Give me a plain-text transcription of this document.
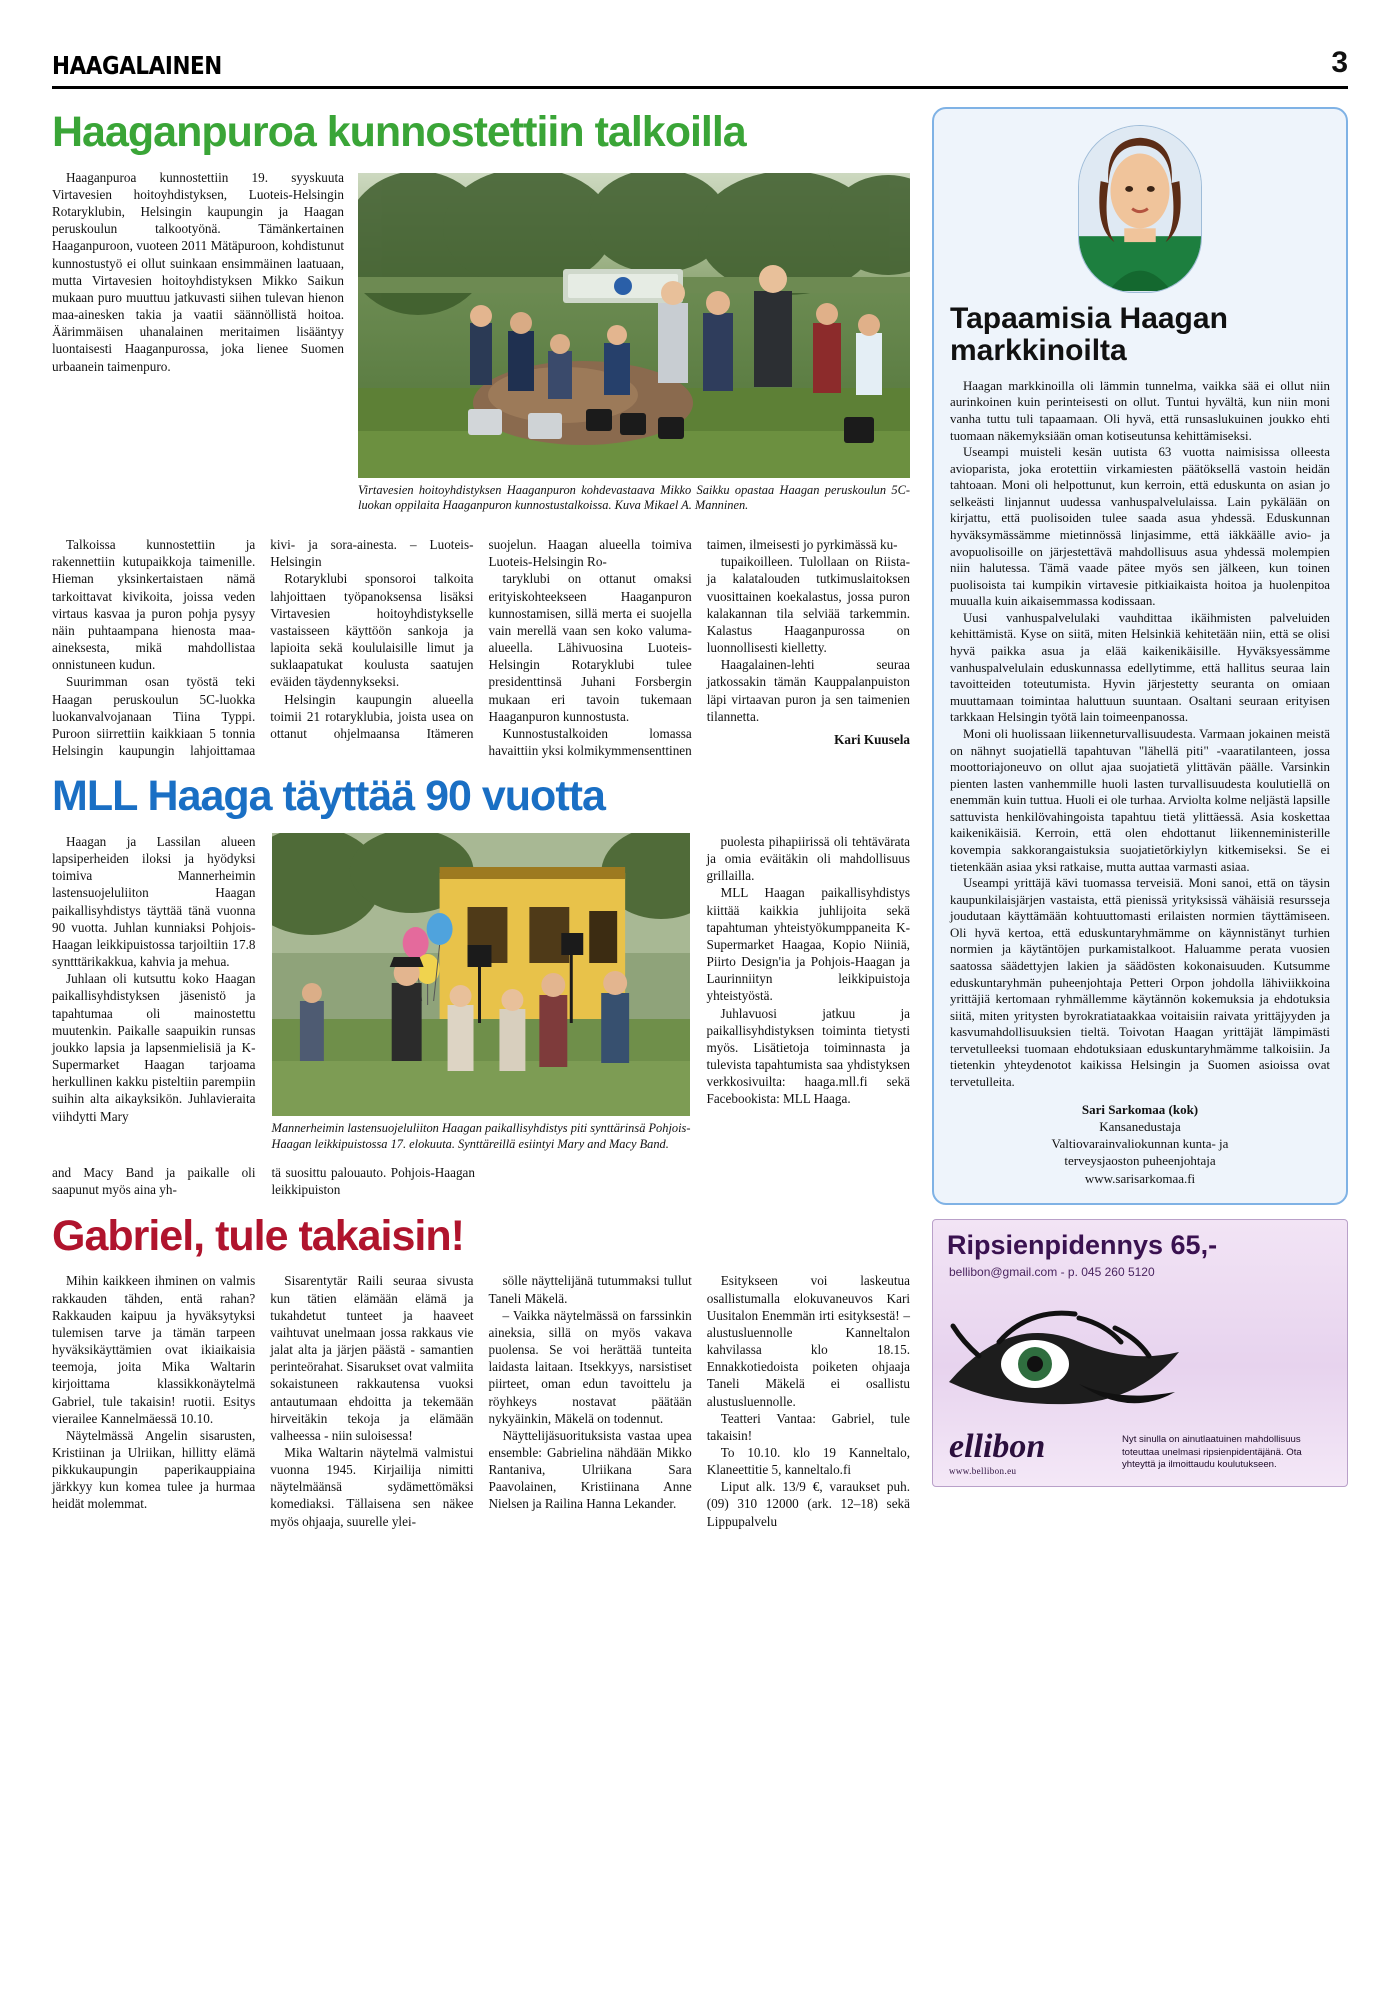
HAAGALAINEN	3
Haaganpuroa kunnostettiin talkoilla
Virtavesien hoitoyhdistyksen Haaganpuron kohdevastaava Mikko Saikku opastaa Haagan peruskoulun 5C-luokan oppilaita Haaganpuron kunnostustalkoissa. Kuva Mikael A. Manninen.

Haaganpuroa kunnostettiin 19. syyskuuta Virtavesien hoitoyhdistyksen, Luoteis-Helsingin Rotaryklubin, Helsingin kaupungin ja Haagan peruskoulun talkootyönä. Tämänkertainen Haaganpuroon, vuoteen 2011 Mätäpuroon, kohdistunut kunnostustyö ei ollut suinkaan ensimmäinen laatuaan, mutta Virtavesien hoitoyhdistyksen Mikko Saikun mukaan puro muuttuu jatkuvasti siihen tulevan hienon maa-ainesken takia ja vaatii säännöllistä hoitoa. Äärimmäisen uhanalainen meritaimen lisääntyy luontaisesti Haaganpurossa, joka lienee Suomen urbaanein taimenpuro.

Talkoissa kunnostettiin ja rakennettiin kutupaikkoja taimenille. Hieman yksinkertaistaen nämä tarkoittavat kivikoita, joissa veden virtaus kasvaa ja puron pohja pysyy näin puhtaampana hienosta maa-aineksesta, mikä mahdollistaa onnistuneen kudun.

Suurimman osan työstä teki Haagan peruskoulun 5C-luokka luokanvalvojanaan Tiina Typpi. Puroon siirrettiin kaikkiaan 5 tonnia Helsingin kaupungin lahjoittamaa kivi- ja sora-ainesta. – Luoteis-Helsingin

Rotaryklubi sponsoroi talkoita lahjoittaen työpanoksensa lisäksi Virtavesien hoitoyhdistykselle vastaisseen käyttöön sankoja ja lapioita sekä koululaisille limut ja suklaapatukat koulusta saatujen eväiden täydennykseksi.

Helsingin kaupungin alueella toimii 21 rotaryklubia, joista usea on ottanut ohjelmaansa Itämeren suojelun. Haagan alueella toimiva Luoteis-Helsingin Ro-

taryklubi on ottanut omaksi erityiskohteekseen Haaganpuron kunnostamisen, sillä merta ei suojella vain merellä vaan sen koko valuma-alueella. Lähivuosina Luoteis-Helsingin Rotaryklubi tulee presidenttinsä Juhani Forsbergin mukaan eri tavoin tukemaan Haaganpuron kunnostusta.

Kunnostustalkoiden lomassa havaittiin yksi kolmikymmensenttinen taimen, ilmeisesti jo pyrkimässä ku-

tupaikoilleen. Tulollaan on Riista- ja kalatalouden tutkimuslaitoksen vuosittainen koekalastus, jossa puron kalakannan tila selviää tarkemmin. Kalastus Haaganpurossa on luonnollisesti kielletty.

Haagalainen-lehti seuraa jatkossakin tämän Kauppalanpuiston läpi virtaavan puron ja sen taimenien tilannetta.

Kari Kuusela

MLL Haaga täyttää 90 vuotta

Haagan ja Lassilan alueen lapsiperheiden iloksi ja hyödyksi toimiva Mannerheimin lastensuojeluliiton Haagan paikallisyhdistys täyttää tänä vuonna 90 vuotta. Juhlan kunniaksi Pohjois-Haagan leikkipuistossa tarjoiltiin 17.8 syntttärikakkua, kahvia ja mehua.

Juhlaan oli kutsuttu koko Haagan paikallisyhdistyksen jäsenistö ja tapahtumaa oli mainostettu muutenkin. Paikalle saapuikin runsas joukko lapsia ja lapsenmielisiä ja K-Supermarket Haagan tarjoama herkullinen kakku pisteltiin parempiin suihin alta aikayksikön. Juhlavieraita viihdytti Mary

Mannerheimin lastensuojeluliiton Haagan paikallisyhdistys piti synttärinsä Pohjois-Haagan leikkipuistossa 17. elokuuta. Synttäreillä esiintyi Mary and Macy Band.

puolesta pihapiirissä oli tehtävärata ja omia eväitäkin oli mahdollisuus grillailla.

MLL Haagan paikallisyhdistys kiittää kaikkia juhlijoita sekä tapahtuman yhteistyökumppaneita K-Supermarket Haagaa, Kopio Niiniä, Piirto Design'ia ja Pohjois-Haagan ja Laurinniityn leikkipuistoja yhteistyöstä.

Juhlavuosi jatkuu ja paikallisyhdistyksen toiminta tietysti myös. Lisätietoja toiminnasta ja tulevista tapahtumista saa yhdistyksen verkkosivuilta: haaga.mll.fi sekä Facebookista: MLL Haaga.

and Macy Band ja paikalle oli saapunut myös aina yh-

tä suosittu palouauto. Pohjois-Haagan leikkipuiston

Gabriel, tule takaisin!

Mihin kaikkeen ihminen on valmis rakkauden tähden, entä rahan? Rakkauden kaipuu ja hyväksytyksi tulemisen tarve ja tämän tarpeen hyväksikäyttämien ovat ikiaikaisia teemoja, joita Mika Waltarin kirjoittama klassikkonäytelmä Gabriel, tule takaisin! ruotii. Esitys vierailee Kannelmäessä 10.10.

Näytelmässä Angelin sisarusten, Kristiinan ja Ulriikan, hillitty elämä pikkukaupungin paperikauppiaina järkkyy kun komea tulee ja hurmaa heidät molemmat.

Sisarentytär Raili seuraa sivusta kun tätien elämään elämä ja tukahdetut tunteet ja haaveet vaihtuvat unelmaan jossa rakkaus vie jalat alta ja järjen päästä - samantien perinteörahat. Sisarukset ovat valmiita sokaistuneen rakkautensa vuoksi antautumaan ehdoitta ja tekemään hirveitäkin tekoja ja elämään valheessa - niin suloisessa!

Mika Waltarin näytelmä valmistui vuonna 1945. Kirjailija nimitti näytelmäänsä sydämettömäksi komediaksi. Tällaisena sen näkee myös ohjaaja, suurelle ylei-

sölle näyttelijänä tutummaksi tullut Taneli Mäkelä.

– Vaikka näytelmässä on farssinkin aineksia, sillä on myös vakava puolensa. Se voi herättää tunteita laidasta laitaan. Itsekkyys, narsistiset piirteet, oman edun tavoittelu ja röyhkeys nostavat päätään nykyäinkin, Mäkelä on todennut.

Näyttelijäsuorituksista vastaa upea ensemble: Gabrielina nähdään Mikko Rantaniva, Ulriikana Sara Paavolainen, Kristiinana Anne Nielsen ja Railina Hanna Lekander.

Esitykseen voi laskeutua osallistumalla elokuvaneuvos Kari Uusitalon Enemmän irti esityksestä! – alustusluennolle Kanneltalon kahvilassa klo 18.15. Ennakkotiedoista poiketen ohjaaja Taneli Mäkelä ei osallistu alustusluennolle.

Teatteri Vantaa: Gabriel, tule takaisin!

To 10.10. klo 19 Kanneltalo, Klaneettitie 5, kanneltalo.fi

Liput alk. 13/9 €, varaukset puh. (09) 310 12000 (ark. 12–18) sekä Lippupalvelu

Tapaamisia Haagan markkinoilta

Haagan markkinoilla oli lämmin tunnelma, vaikka sää ei ollut niin aurinkoinen kuin perinteisesti on ollut. Tuntui hyvältä, kun niin moni vanha tuttu tuli tapaamaan. Oli hyvä, että runsaslukuinen joukko ehti tuomaan näkemyksiään oman kotiseutunsa kehittämiseksi.

Useampi muisteli kesän uutista 63 vuotta naimisissa olleesta avioparista, joka erotettiin virkamiesten päätöksellä vastoin heidän tahtoaan. Moni oli helpottunut, kun kerroin, että eduskunta on asian jo selkeästi linjannut uudessa vanhuspalvelulaissa. Lain pykälään on kirjattu, että puolisoiden tulee saada asua yhdessä. Eduskunnan hyväksymässämme mietinnössä linjasimme, että iäkkäälle avio- ja avopuolisoille on järjestettävä mahdollisuus asua yhdessä molempien niin halutessa. Tämä vaade pätee myös sen jälkeen, kun toinen puolisoista tai kumpikin virtavesie pitkiaikaista hoitoa ja huolenpitoa muualla kuin aikaisemmassa kodissaan.

Uusi vanhuspalvelulaki vauhdittaa ikäihmisten palveluiden kehittämistä. Kyse on siitä, miten Helsinkiä kehitetään niin, että se olisi hyvä paikka asua ja elää kaikenikäisille. Hyväksyessämme vanhuspalvelulain eduskunnassa edellytimme, että hallitus seuraa lain tavoitteiden toteutumista. Hyvin järjestetty seuranta on omiaan muuttamaan toimintaa haluttuun suuntaan. Osaltani seuraan erityisen tarkkaan Helsingin työtä lain toimeenpanossa.

Moni oli huolissaan liikenneturvallisuudesta. Varmaan jokainen meistä on nähnyt suojatiellä tapahtuvan "lähellä piti" -vaaratilanteen, jossa moottoriajoneuvo on ollut ajaa suojatietä ylittävän päälle. Varsinkin pienten lasten vanhemmille huoli lasten turvallisuudesta koulutiellä on enemmän kuin tuttua. Huoli ei ole turhaa. Arviolta kolme neljästä lapsille sattuvista henkilövahingoista tapahtuu tietä ylittäessä. Asia koskettaa kaikenikäisiä. Kerroin, että olen ehdottanut liikenneministerille kovempia sakkorangaistuksia suojatietörkiylyn kitkemiseksi. Se ei tietenkään asiaa yksi ratkaise, mutta auttaa varmasti asiaa.

Useampi yrittäjä kävi tuomassa terveisiä. Moni sanoi, että on täysin kaupunkilaisjärjen vastaista, että pienissä yrityksissä vähäisiä resursseja joudutaan käyttämään kohtuuttomasti erilaisten normien täyttämiseen. Oli hyvä kertoa, että eduskuntaryhmämme on käynnistänyt turhien normien ja käytäntöjen purkamistalkoot. Haluamme perata vuosien saatossa säädettyjen lakien ja säädösten kokonaisuuden. Kutsumme eduskuntaryhmän puheenjohtaja Petteri Orpon johdolla lähiviikkoina yrittäjiä kertomaan ryhmällemme käytännön kokemuksia ja ehdotuksia siitä, miten yritysten byrokratiataakkaa voitaisiin raivata yrittäjyyden ja kasvumahdollisuuksien tieltä. Toivotan Haagan yrittäjät lämpimästi tervetulleeksi tuomaan ehdotuksiaan eduskuntaryhmämme talkoisiin. Ja tietenkin yhteydenotot kaikissa Helsingin ja Suomen asioissa ovat tervetulleita.

Sari Sarkomaa (kok)
Kansanedustaja
Valtiovarainvaliokunnan kunta- ja
terveysjaoston puheenjohtaja
www.sarisarkomaa.fi
Ripsienpidennys 65,-
bellibon@gmail.com - p. 045 260 5120
ellibon
www.bellibon.eu
Nyt sinulla on ainutlaatuinen mahdollisuus toteuttaa unelmasi ripsienpidentäjänä. Ota yhteyttä ja ilmoittaudu koulutukseen.
